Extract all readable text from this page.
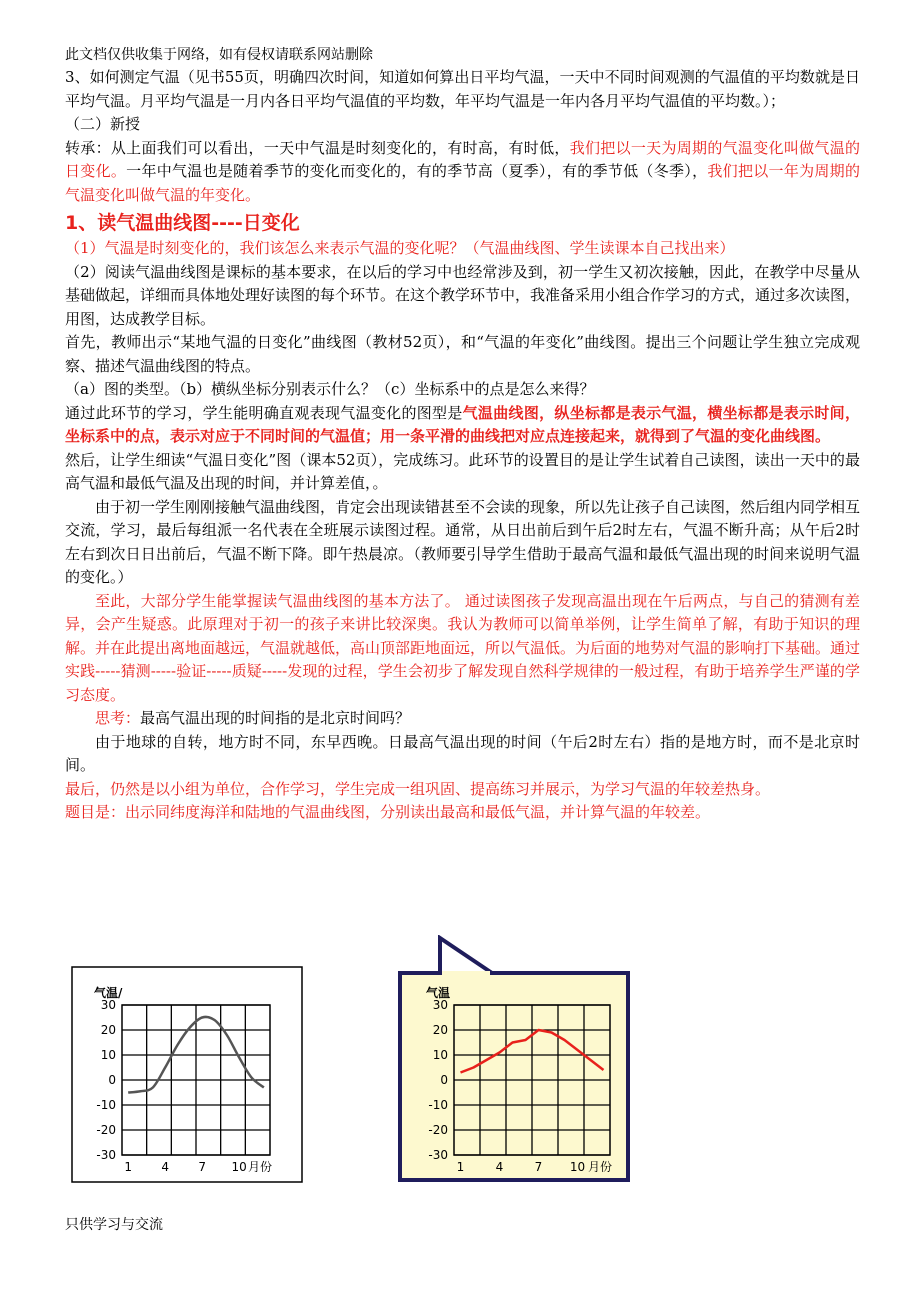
此文档仅供收集于网络，如有侵权请联系网站删除

3、如何测定气温（见书55页，明确四次时间，知道如何算出日平均气温，一天中不同时间观测的气温值的平均数就是日平均气温。月平均气温是一月内各日平均气温值的平均数，年平均气温是一年内各月平均气温值的平均数。）；

（二）新授

转承：从上面我们可以看出，一天中气温是时刻变化的，有时高，有时低，我们把以一天为周期的气温变化叫做气温的日变化。一年中气温也是随着季节的变化而变化的，有的季节高（夏季），有的季节低（冬季），我们把以一年为周期的气温变化叫做气温的年变化。

1、读气温曲线图----日变化

（1）气温是时刻变化的，我们该怎么来表示气温的变化呢？（气温曲线图、学生读课本自己找出来）

（2）阅读气温曲线图是课标的基本要求，在以后的学习中也经常涉及到，初一学生又初次接触，因此，在教学中尽量从基础做起，详细而具体地处理好读图的每个环节。在这个教学环节中，我准备采用小组合作学习的方式，通过多次读图，用图，达成教学目标。

首先，教师出示“某地气温的日变化”曲线图（教材52页），和“气温的年变化”曲线图。提出三个问题让学生独立完成观察、描述气温曲线图的特点。

（a）图的类型。（b）横纵坐标分别表示什么？（c）坐标系中的点是怎么来得？

通过此环节的学习，学生能明确直观表现气温变化的图型是气温曲线图，纵坐标都是表示气温，横坐标都是表示时间，坐标系中的点，表示对应于不同时间的气温值；用一条平滑的曲线把对应点连接起来，就得到了气温的变化曲线图。

然后，让学生细读“气温日变化”图（课本52页），完成练习。此环节的设置目的是让学生试着自己读图，读出一天中的最高气温和最低气温及出现的时间，并计算差值，。

由于初一学生刚刚接触气温曲线图，肯定会出现读错甚至不会读的现象，所以先让孩子自己读图，然后组内同学相互交流，学习，最后每组派一名代表在全班展示读图过程。通常，从日出前后到午后2时左右，气温不断升高；从午后2时左右到次日日出前后，气温不断下降。即午热晨凉。（教师要引导学生借助于最高气温和最低气温出现的时间来说明气温的变化。）

至此，大部分学生能掌握读气温曲线图的基本方法了。 通过读图孩子发现高温出现在午后两点，与自己的猜测有差异，会产生疑惑。此原理对于初一的孩子来讲比较深奥。我认为教师可以简单举例，让学生简单了解，有助于知识的理解。并在此提出离地面越远，气温就越低，高山顶部距地面远，所以气温低。为后面的地势对气温的影响打下基础。通过实践-----猜测-----验证-----质疑-----发现的过程，学生会初步了解发现自然科学规律的一般过程，有助于培养学生严谨的学习态度。

思考：最高气温出现的时间指的是北京时间吗？

由于地球的自转，地方时不同，东早西晚。日最高气温出现的时间（午后2时左右）指的是地方时，而不是北京时间。

最后，仍然是以小组为单位，合作学习，学生完成一组巩固、提高练习并展示，为学习气温的年较差热身。

题目是：出示同纬度海洋和陆地的气温曲线图，分别读出最高和最低气温，并计算气温的年较差。

30
20
10
0
-10
-20
-30
1 4 7 10
气温/
月份
30
20
10
0
-10
-20
-30
1	4	7 10
气温
月份
只供学习与交流
